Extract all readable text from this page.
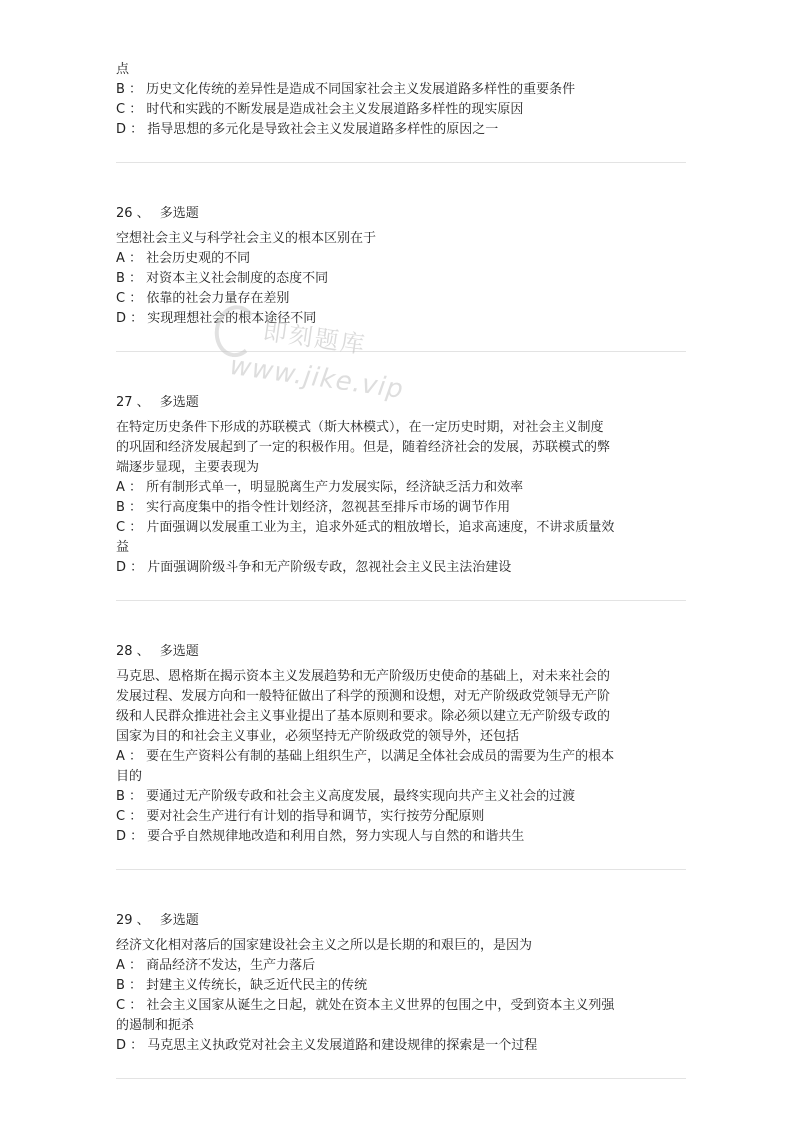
点
B ： 历史文化传统的差异性是造成不同国家社会主义发展道路多样性的重要条件
C ： 时代和实践的不断发展是造成社会主义发展道路多样性的现实原因
D ： 指导思想的多元化是导致社会主义发展道路多样性的原因之一
26 、 多选题
空想社会主义与科学社会主义的根本区别在于
A ： 社会历史观的不同
B ： 对资本主义社会制度的态度不同
C ： 依靠的社会力量存在差别
D ： 实现理想社会的根本途径不同
27 、 多选题
在特定历史条件下形成的苏联模式（斯大林模式），在一定历史时期，对社会主义制度
的巩固和经济发展起到了一定的积极作用。但是，随着经济社会的发展，苏联模式的弊
端逐步显现，主要表现为
A ： 所有制形式单一，明显脱离生产力发展实际，经济缺乏活力和效率
B ： 实行高度集中的指令性计划经济，忽视甚至排斥市场的调节作用
C ： 片面强调以发展重工业为主，追求外延式的粗放增长，追求高速度，不讲求质量效
益
D ： 片面强调阶级斗争和无产阶级专政，忽视社会主义民主法治建设
28 、 多选题
马克思、恩格斯在揭示资本主义发展趋势和无产阶级历史使命的基础上，对未来社会的
发展过程、发展方向和一般特征做出了科学的预测和设想，对无产阶级政党领导无产阶
级和人民群众推进社会主义事业提出了基本原则和要求。除必须以建立无产阶级专政的
国家为目的和社会主义事业，必须坚持无产阶级政党的领导外，还包括
A ： 要在生产资料公有制的基础上组织生产，以满足全体社会成员的需要为生产的根本
目的
B ： 要通过无产阶级专政和社会主义高度发展，最终实现向共产主义社会的过渡
C ： 要对社会生产进行有计划的指导和调节，实行按劳分配原则
D ： 要合乎自然规律地改造和利用自然，努力实现人与自然的和谐共生
29 、 多选题
经济文化相对落后的国家建设社会主义之所以是长期的和艰巨的，是因为
A ： 商品经济不发达，生产力落后
B ： 封建主义传统长，缺乏近代民主的传统
C ： 社会主义国家从诞生之日起，就处在资本主义世界的包围之中，受到资本主义列强
的遏制和扼杀
D ： 马克思主义执政党对社会主义发展道路和建设规律的探索是一个过程
即刻题库
www.jike.vip
